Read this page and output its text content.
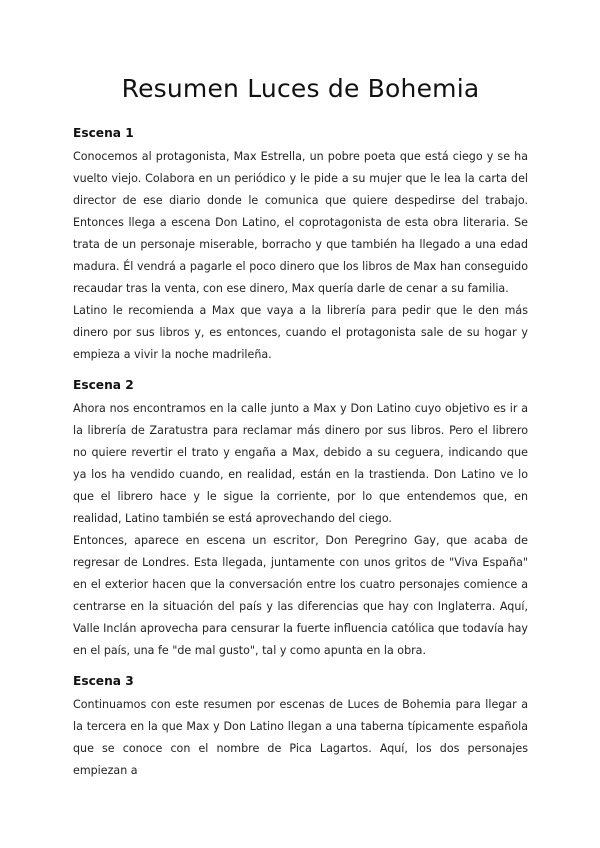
Resumen Luces de Bohemia
Escena 1

Conocemos al protagonista, Max Estrella, un pobre poeta que está ciego y se ha vuelto viejo. Colabora en un periódico y le pide a su mujer que le lea la carta del director de ese diario donde le comunica que quiere despedirse del trabajo. Entonces llega a escena Don Latino, el coprotagonista de esta obra literaria. Se trata de un personaje miserable, borracho y que también ha llegado a una edad madura. Él vendrá a pagarle el poco dinero que los libros de Max han conseguido recaudar tras la venta, con ese dinero, Max quería darle de cenar a su familia.

Latino le recomienda a Max que vaya a la librería para pedir que le den más dinero por sus libros y, es entonces, cuando el protagonista sale de su hogar y empieza a vivir la noche madrileña.

Escena 2

Ahora nos encontramos en la calle junto a Max y Don Latino cuyo objetivo es ir a la librería de Zaratustra para reclamar más dinero por sus libros. Pero el librero no quiere revertir el trato y engaña a Max, debido a su ceguera, indicando que ya los ha vendido cuando, en realidad, están en la trastienda. Don Latino ve lo que el librero hace y le sigue la corriente, por lo que entendemos que, en realidad, Latino también se está aprovechando del ciego.

Entonces, aparece en escena un escritor, Don Peregrino Gay, que acaba de regresar de Londres. Esta llegada, juntamente con unos gritos de "Viva España" en el exterior hacen que la conversación entre los cuatro personajes comience a centrarse en la situación del país y las diferencias que hay con Inglaterra. Aquí, Valle Inclán aprovecha para censurar la fuerte influencia católica que todavía hay en el país, una fe "de mal gusto", tal y como apunta en la obra.

Escena 3

Continuamos con este resumen por escenas de Luces de Bohemia para llegar a la tercera en la que Max y Don Latino llegan a una taberna típicamente española que se conoce con el nombre de Pica Lagartos. Aquí, los dos personajes empiezan a
